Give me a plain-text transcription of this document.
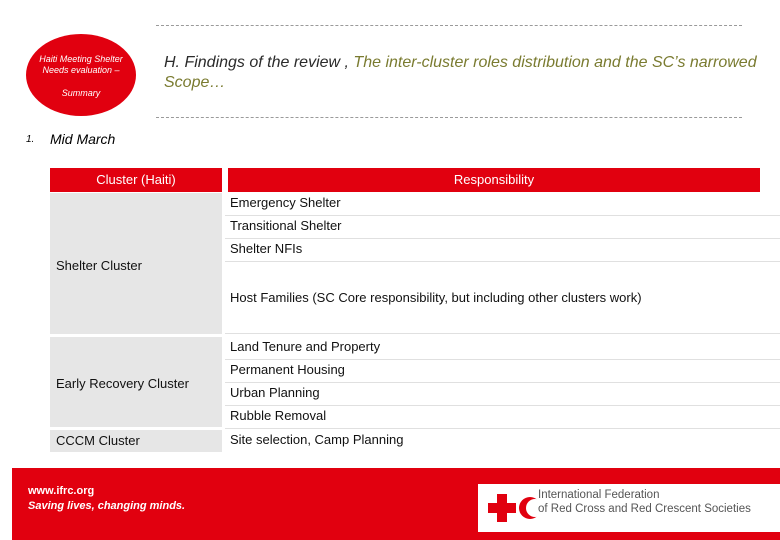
Haiti Meeting Shelter Needs evaluation –
Summary
H. Findings of the review , The inter-cluster roles distribution and the SC’s narrowed Scope…
1. Mid March
Cluster (Haiti)	Responsibility
Shelter Cluster
Early Recovery Cluster
CCCM Cluster
Emergency Shelter
Transitional Shelter
Shelter NFIs
Host Families (SC Core responsibility, but including other clusters work)
Land Tenure and Property
Permanent Housing
Urban Planning
Rubble Removal
Site selection, Camp Planning
www.ifrc.org
Saving lives, changing minds.
International Federation
of Red Cross and Red Crescent Societies
